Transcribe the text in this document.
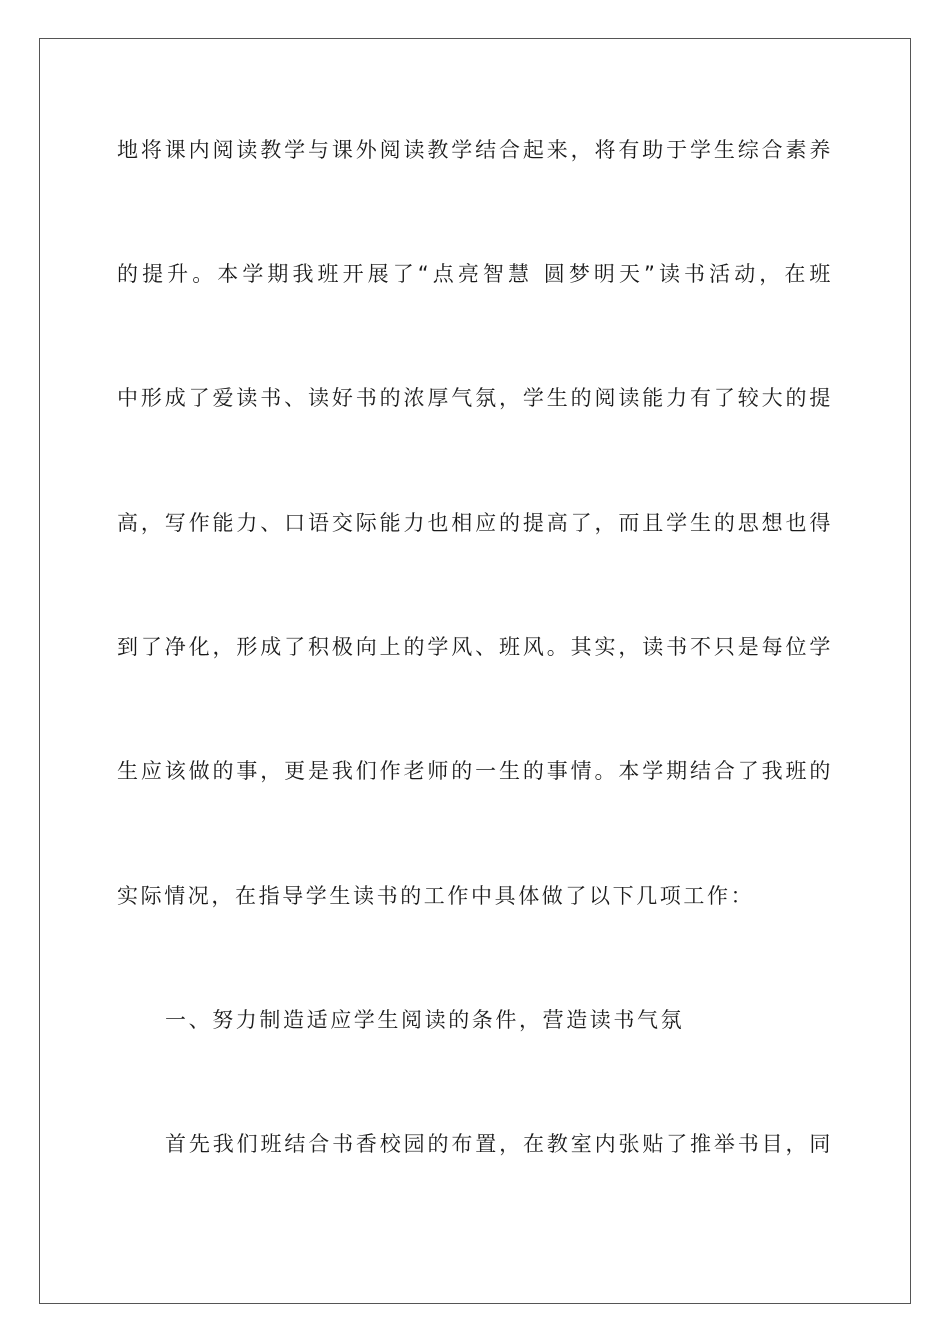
地将课内阅读教学与课外阅读教学结合起来，将有助于学生综合素养
的提升。本学期我班开展了“点亮智慧 圆梦明天”读书活动，在班
中形成了爱读书、读好书的浓厚气氛，学生的阅读能力有了较大的提
高，写作能力、口语交际能力也相应的提高了，而且学生的思想也得
到了净化，形成了积极向上的学风、班风。其实，读书不只是每位学
生应该做的事，更是我们作老师的一生的事情。本学期结合了我班的
实际情况，在指导学生读书的工作中具体做了以下几项工作：
一、努力制造适应学生阅读的条件，营造读书气氛
首先我们班结合书香校园的布置，在教室内张贴了推举书目，同
